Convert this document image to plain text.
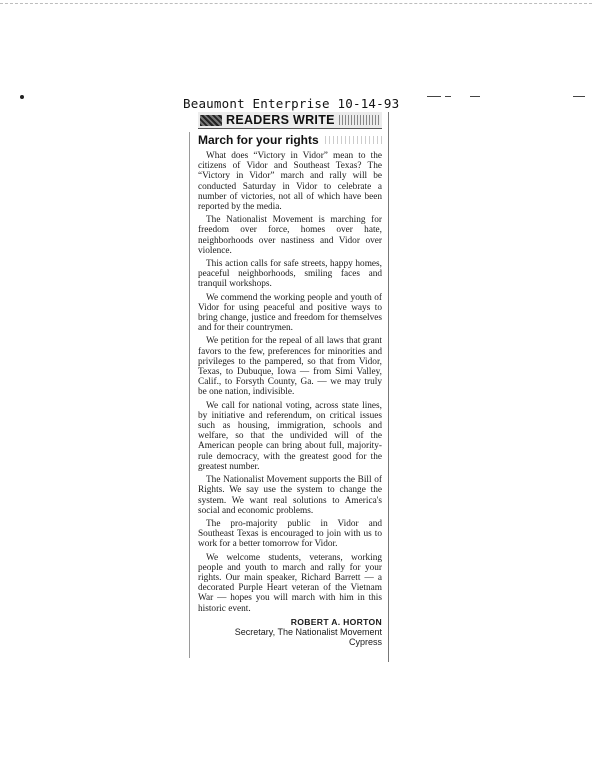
Beaumont Enterprise 10-14-93
READERS WRITE
March for your rights

What does “Victory in Vidor” mean to the citizens of Vidor and Southeast Texas? The “Victory in Vidor” march and rally will be conducted Saturday in Vidor to celebrate a number of victories, not all of which have been reported by the media.

The Nationalist Movement is marching for freedom over force, homes over hate, neighborhoods over nastiness and Vidor over violence.

This action calls for safe streets, happy homes, peaceful neighborhoods, smiling faces and tranquil workshops.

We commend the working people and youth of Vidor for using peaceful and positive ways to bring change, justice and freedom for themselves and for their countrymen.

We petition for the repeal of all laws that grant favors to the few, preferences for minorities and privileges to the pampered, so that from Vidor, Texas, to Dubuque, Iowa — from Simi Valley, Calif., to Forsyth County, Ga. — we may truly be one nation, indivisible.

We call for national voting, across state lines, by initiative and referendum, on critical issues such as housing, immigration, schools and welfare, so that the undivided will of the American people can bring about full, majority-rule democracy, with the greatest good for the greatest number.

The Nationalist Movement supports the Bill of Rights. We say use the system to change the system. We want real solutions to America's social and economic problems.

The pro-majority public in Vidor and Southeast Texas is encouraged to join with us to work for a better tomorrow for Vidor.

We welcome students, veterans, working people and youth to march and rally for your rights. Our main speaker, Richard Barrett — a decorated Purple Heart veteran of the Vietnam War — hopes you will march with him in this historic event.

ROBERT A. HORTON
Secretary, The Nationalist Movement
Cypress
